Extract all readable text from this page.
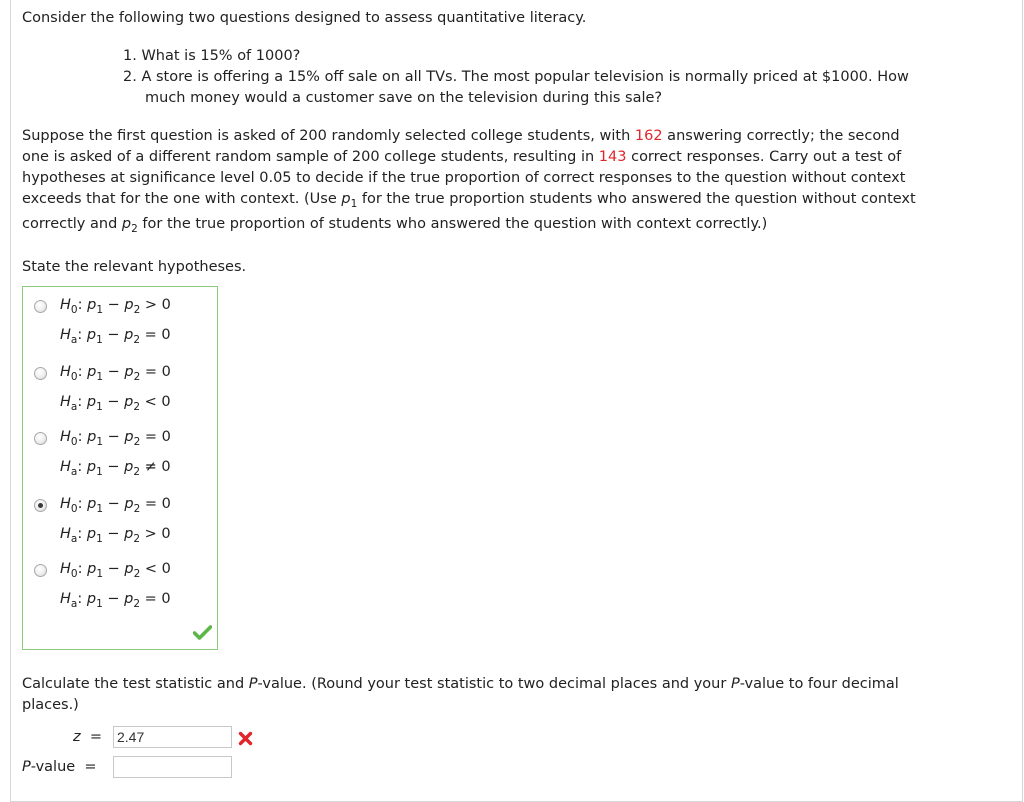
Consider the following two questions designed to assess quantitative literacy.
1. What is 15% of 1000?
2. A store is offering a 15% off sale on all TVs. The most popular television is normally priced at $1000. How
much money would a customer save on the television during this sale?
Suppose the first question is asked of 200 randomly selected college students, with 162 answering correctly; the second
one is asked of a different random sample of 200 college students, resulting in 143 correct responses. Carry out a test of
hypotheses at significance level 0.05 to decide if the true proportion of correct responses to the question without context
exceeds that for the one with context. (Use $p_1$ for the true proportion students who answered the question without context
correctly and $p_2$ for the true proportion of students who answered the question with context correctly.)
State the relevant hypotheses.
$H_0$: $p_1 - p_2 > 0$
$H_a$: $p_1 - p_2 = 0$
$H_0$: $p_1 - p_2 = 0$
$H_a$: $p_1 - p_2 < 0$
$H_0$: $p_1 - p_2 = 0$
$H_a$: $p_1 - p_2 \ne 0$
$H_0$: $p_1 - p_2 = 0$
$H_a$: $p_1 - p_2 > 0$
$H_0$: $p_1 - p_2 < 0$
$H_a$: $p_1 - p_2 = 0$
Calculate the test statistic and P-value. (Round your test statistic to two decimal places and your P-value to four decimal
places.)
z =
2.47
P-value =
